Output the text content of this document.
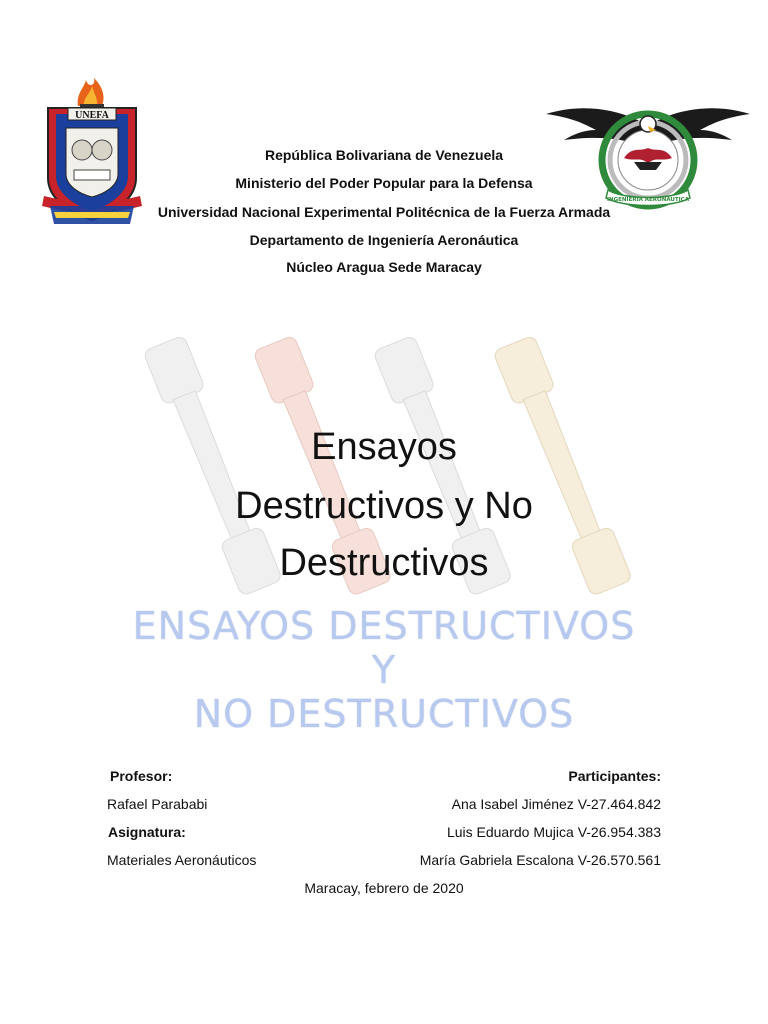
UNEFA
INGENIERÍA AERONÁUTICA
República Bolivariana de Venezuela
Ministerio del Poder Popular para la Defensa
Universidad Nacional Experimental Politécnica de la Fuerza Armada
Departamento de Ingeniería Aeronáutica
Núcleo Aragua Sede Maracay
Ensayos
Destructivos y No
Destructivos
ENSAYOS DESTRUCTIVOS
Y
NO DESTRUCTIVOS
Profesor:
Rafael Parababi
Asignatura:
Materiales Aeronáuticos
Participantes:
Ana Isabel Jiménez V-27.464.842
Luis Eduardo Mujica V-26.954.383
María Gabriela Escalona V-26.570.561
Maracay, febrero de 2020
